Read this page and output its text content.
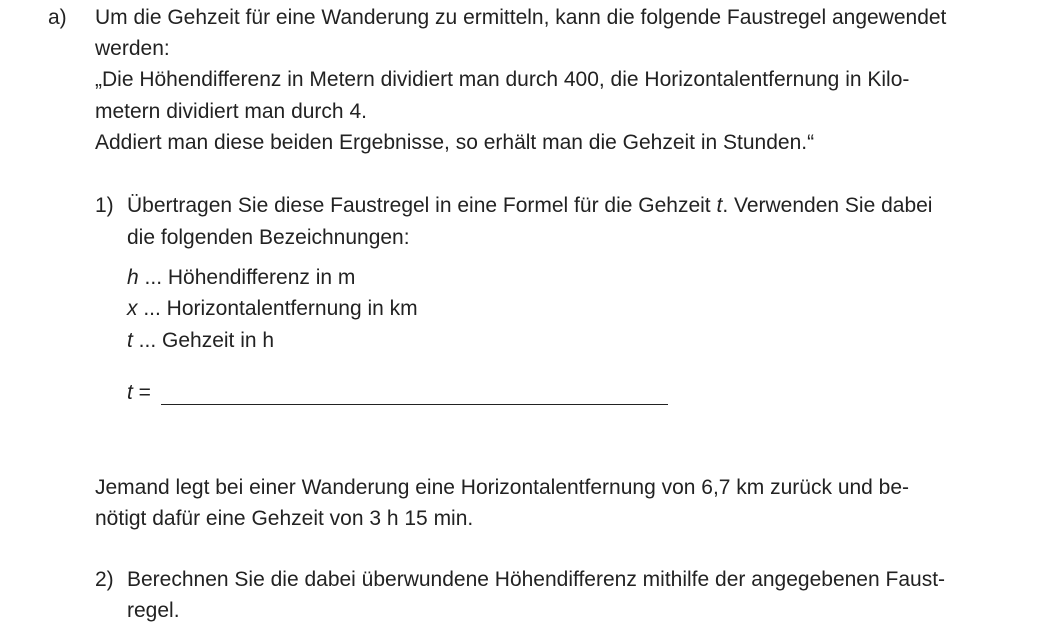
a) Um die Gehzeit für eine Wanderung zu ermitteln, kann die folgende Faustregel angewendet
werden:
„Die Höhendifferenz in Metern dividiert man durch 400, die Horizontalentfernung in Kilo-
metern dividiert man durch 4.
Addiert man diese beiden Ergebnisse, so erhält man die Gehzeit in Stunden.“
1) Übertragen Sie diese Faustregel in eine Formel für die Gehzeit t. Verwenden Sie dabei
die folgenden Bezeichnungen:
h ... Höhendifferenz in m
x ... Horizontalentfernung in km
t ... Gehzeit in h
t =
Jemand legt bei einer Wanderung eine Horizontalentfernung von 6,7 km zurück und be-
nötigt dafür eine Gehzeit von 3 h 15 min.
2) Berechnen Sie die dabei überwundene Höhendifferenz mithilfe der angegebenen Faust-
regel.
